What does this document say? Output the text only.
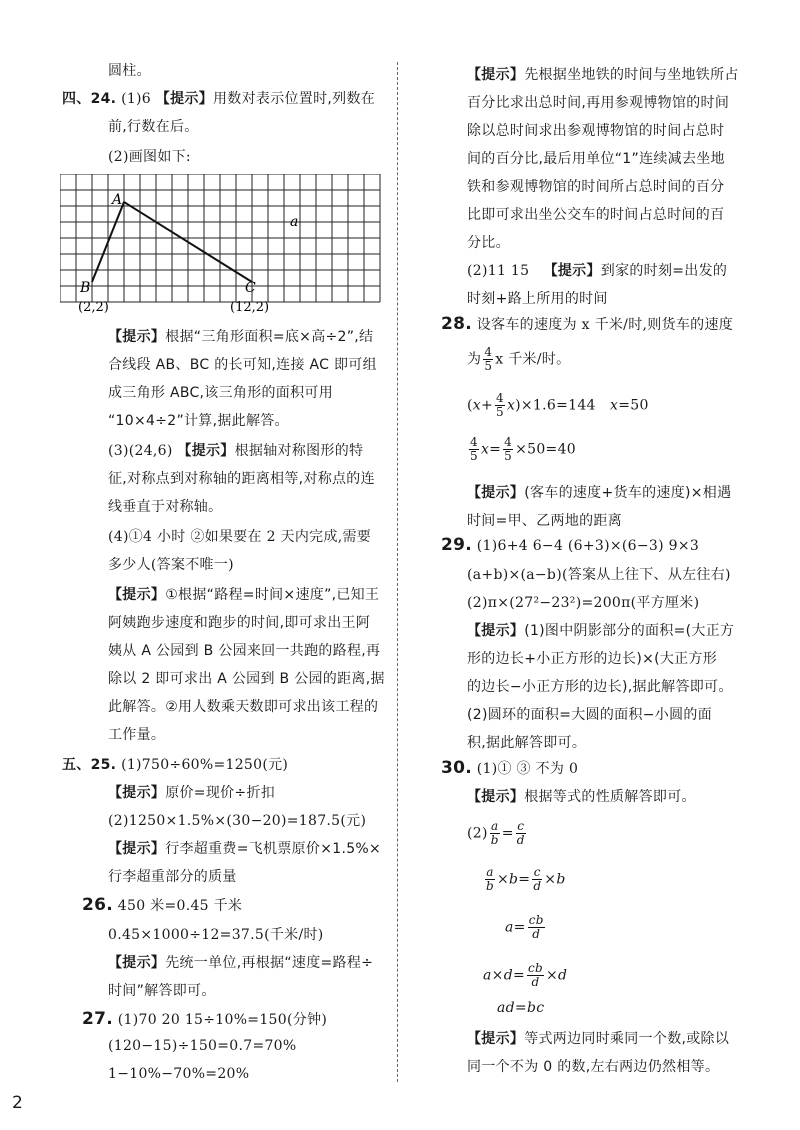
圆柱。
四、24. (1)6 【提示】用数对表示位置时,列数在
前,行数在后。
(2)画图如下:
A
B	C
a
(2,2)	(12,2)
【提示】根据“三角形面积=底×高÷2”,结
合线段 AB、BC 的长可知,连接 AC 即可组
成三角形 ABC,该三角形的面积可用
“10×4÷2”计算,据此解答。
(3)(24,6) 【提示】根据轴对称图形的特
征,对称点到对称轴的距离相等,对称点的连
线垂直于对称轴。
(4)①4 小时 ②如果要在 2 天内完成,需要
多少人(答案不唯一)
【提示】①根据“路程=时间×速度”,已知王
阿姨跑步速度和跑步的时间,即可求出王阿
姨从 A 公园到 B 公园来回一共跑的路程,再
除以 2 即可求出 A 公园到 B 公园的距离,据
此解答。②用人数乘天数即可求出该工程的
工作量。
五、25. (1)750÷60%=1250(元)
【提示】原价=现价÷折扣
(2)1250×1.5%×(30−20)=187.5(元)
【提示】行李超重费=飞机票原价×1.5%×
行李超重部分的质量
26. 450 米=0.45 千米
0.45×1000÷12=37.5(千米/时)
【提示】先统一单位,再根据“速度=路程÷
时间”解答即可。
27. (1)70 20 15÷10%=150(分钟)
(120−15)÷150=0.7=70%
1−10%−70%=20%
【提示】先根据坐地铁的时间与坐地铁所占
百分比求出总时间,再用参观博物馆的时间
除以总时间求出参观博物馆的时间占总时
间的百分比,最后用单位“1”连续减去坐地
铁和参观博物馆的时间所占总时间的百分
比即可求出坐公交车的时间占总时间的百
分比。
(2)11 15 【提示】到家的时刻=出发的
时刻+路上所用的时间
28. 设客车的速度为 x 千米/时,则货车的速度
为 $\frac{4}{5}$ x 千米/时。
$(x+ \frac{4}{5} x)\times 1.6=144$   x=50
$\frac{4}{5} x= \frac{4}{5} \times 50=40$
【提示】(客车的速度+货车的速度)×相遇
时间=甲、乙两地的距离
29. (1)6+4 6−4 (6+3)×(6−3) 9×3
(a+b)×(a−b)(答案从上往下、从左往右)
(2)π×(27²−23²)=200π(平方厘米)
【提示】(1)图中阴影部分的面积=(大正方
形的边长+小正方形的边长)×(大正方形
的边长−小正方形的边长),据此解答即可。
(2)圆环的面积=大圆的面积−小圆的面
积,据此解答即可。
30. (1)① ③ 不为 0
【提示】根据等式的性质解答即可。
$(2) \frac{a}{b} = \frac{c}{d}$
$\frac{a}{b} \times b= \frac{c}{d} \times b$
$a= \frac{cb}{d}$
$a\times d= \frac{cb}{d} \times d$
ad=bc
【提示】等式两边同时乘同一个数,或除以
同一个不为 0 的数,左右两边仍然相等。
2
